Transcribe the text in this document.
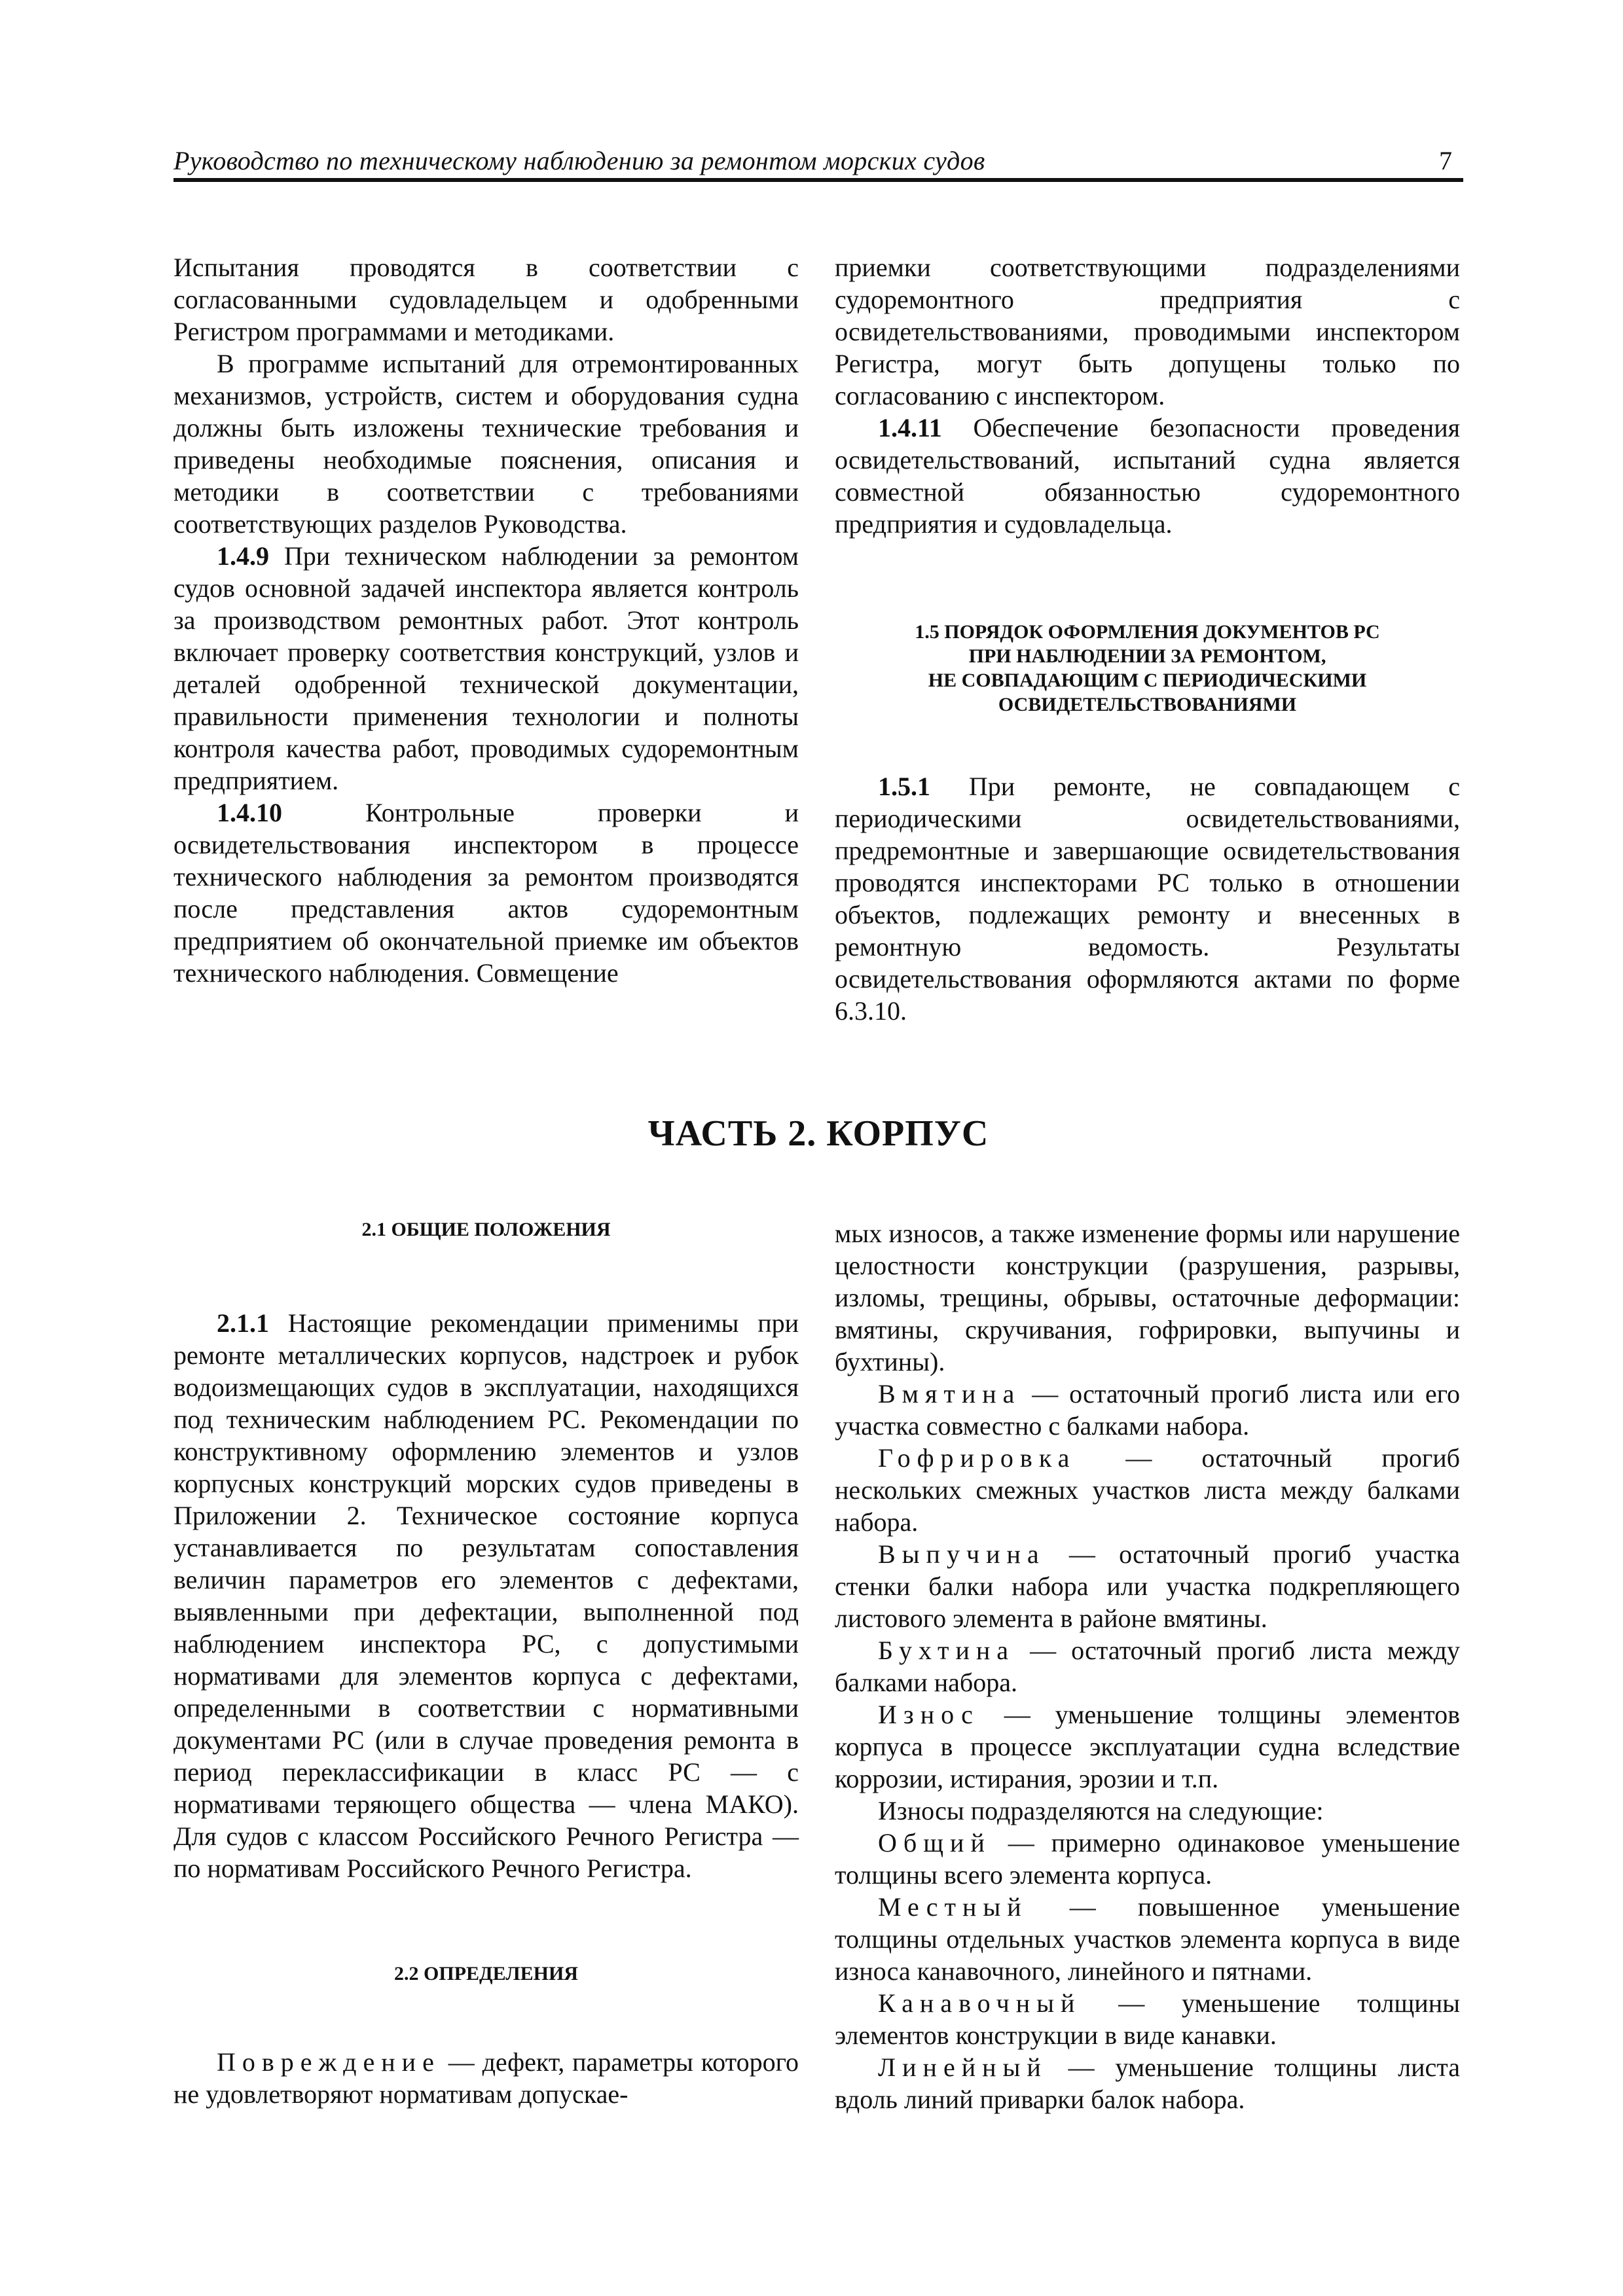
Руководство по техническому наблюдению за ремонтом морских судов	7

Испытания проводятся в соответствии с согласованными судовладельцем и одобренными Регистром программами и методиками.

В программе испытаний для отремонтированных механизмов, устройств, систем и оборудования судна должны быть изложены технические требования и приведены необходимые пояснения, описания и методики в соответствии с требованиями соответствующих разделов Руководства.

1.4.9 При техническом наблюдении за ремонтом судов основной задачей инспектора является контроль за производством ремонтных работ. Этот контроль включает проверку соответствия конструкций, узлов и деталей одобренной технической документации, правильности применения технологии и полноты контроля качества работ, проводимых судоремонтным предприятием.

1.4.10 Контрольные проверки и освидетельствования инспектором в процессе технического наблюдения за ремонтом производятся после представления актов судоремонтным предприятием об окончательной приемке им объектов технического наблюдения. Совмещение

приемки соответствующими подразделениями судоремонтного предприятия с освидетельствованиями, проводимыми инспектором Регистра, могут быть допущены только по согласованию с инспектором.

1.4.11 Обеспечение безопасности проведения освидетельствований, испытаний судна является совместной обязанностью судоремонтного предприятия и судовладельца.

1.5 ПОРЯДОК ОФОРМЛЕНИЯ ДОКУМЕНТОВ РС
ПРИ НАБЛЮДЕНИИ ЗА РЕМОНТОМ,
НЕ СОВПАДАЮЩИМ С ПЕРИОДИЧЕСКИМИ
ОСВИДЕТЕЛЬСТВОВАНИЯМИ

1.5.1 При ремонте, не совпадающем с периодическими освидетельствованиями, предремонтные и завершающие освидетельствования проводятся инспекторами РС только в отношении объектов, подлежащих ремонту и внесенных в ремонтную ведомость. Результаты освидетельствования оформляются актами по форме 6.3.10.

ЧАСТЬ 2. КОРПУС
2.1 ОБЩИЕ ПОЛОЖЕНИЯ

2.1.1 Настоящие рекомендации применимы при ремонте металлических корпусов, надстроек и рубок водоизмещающих судов в эксплуатации, находящихся под техническим наблюдением РС. Рекомендации по конструктивному оформлению элементов и узлов корпусных конструкций морских судов приведены в Приложении 2. Техническое состояние корпуса устанавливается по результатам сопоставления величин параметров его элементов с дефектами, выявленными при дефектации, выполненной под наблюдением инспектора РС, с допустимыми нормативами для элементов корпуса с дефектами, определенными в соответствии с нормативными документами РС (или в случае проведения ремонта в период переклассификации в класс РС — с нормативами теряющего общества — члена МАКО). Для судов с классом Российского Речного Регистра — по нормативам Российского Речного Регистра.

2.2 ОПРЕДЕЛЕНИЯ

Повреждение — дефект, параметры которого не удовлетворяют нормативам допускае-

мых износов, а также изменение формы или нарушение целостности конструкции (разрушения, разрывы, изломы, трещины, обрывы, остаточные деформации: вмятины, скручивания, гофрировки, выпучины и бухтины).

Вмятина — остаточный прогиб листа или его участка совместно с балками набора.

Гофрировка — остаточный прогиб нескольких смежных участков листа между балками набора.

Выпучина — остаточный прогиб участка стенки балки набора или участка подкрепляющего листового элемента в районе вмятины.

Бухтина — остаточный прогиб листа между балками набора.

Износ — уменьшение толщины элементов корпуса в процессе эксплуатации судна вследствие коррозии, истирания, эрозии и т.п.

Износы подразделяются на следующие:

Общий — примерно одинаковое уменьшение толщины всего элемента корпуса.

Местный — повышенное уменьшение толщины отдельных участков элемента корпуса в виде износа канавочного, линейного и пятнами.

Канавочный — уменьшение толщины элементов конструкции в виде канавки.

Линейный — уменьшение толщины листа вдоль линий приварки балок набора.
